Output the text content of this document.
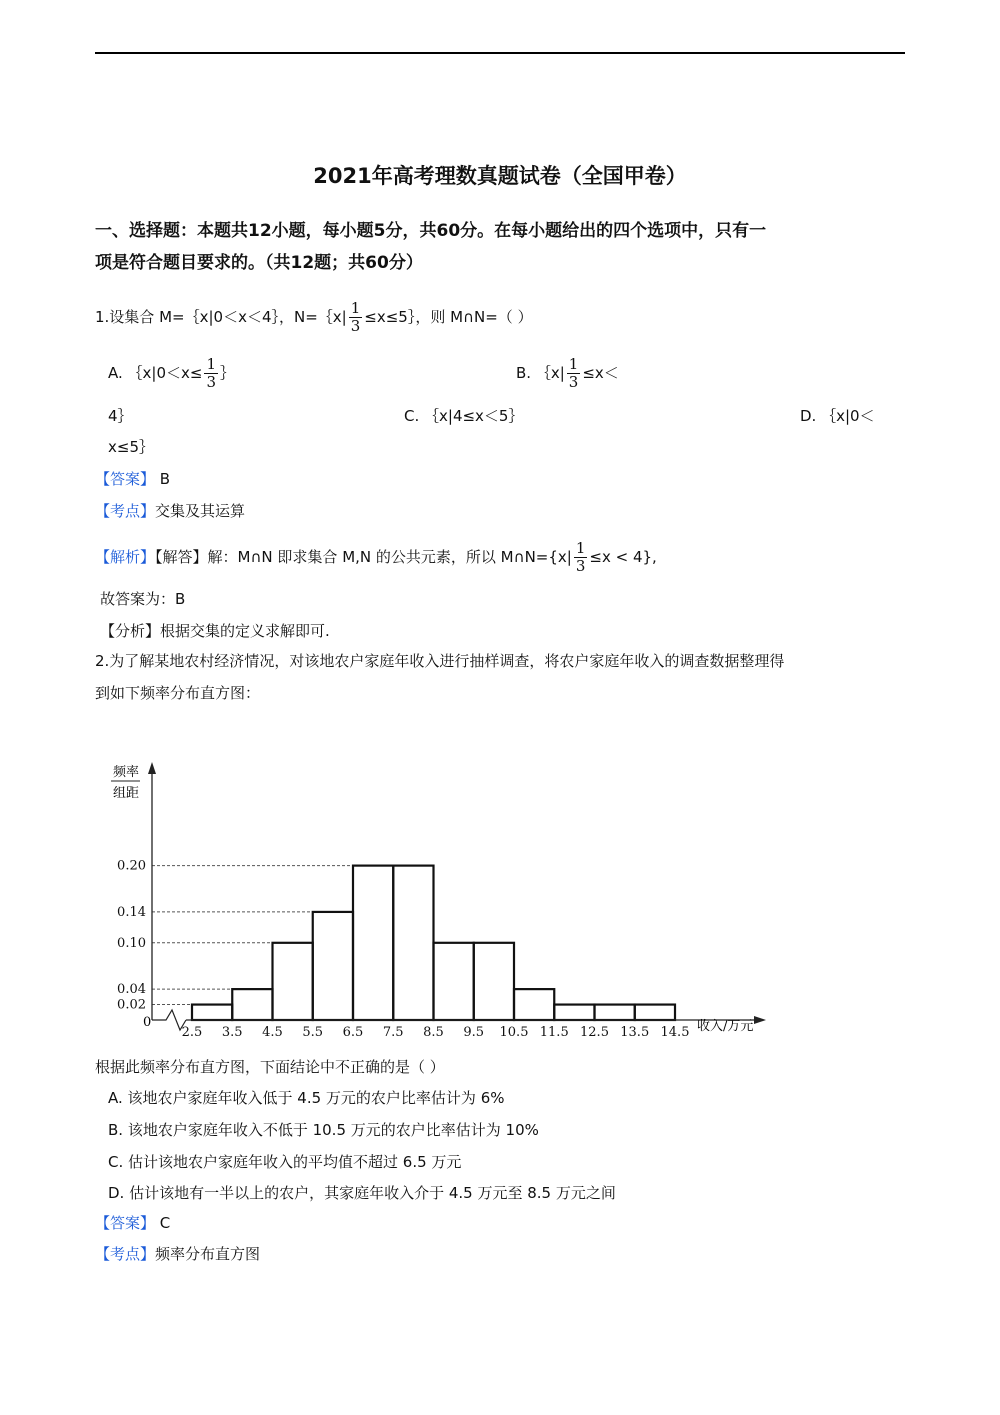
2021年高考理数真题试卷（全国甲卷）
一、选择题：本题共12小题，每小题5分，共60分。在每小题给出的四个选项中，只有一
项是符合题目要求的。（共12题；共60分）
1.设集合 M=｛x|0＜x＜4｝，N=｛x| $\frac{1}{3}$ ≤x≤5｝，则 M∩N=（ ）
A. ｛x|0＜x≤ $\frac{1}{3}$ ｝	B. ｛x| $\frac{1}{3} \le x<$
4｝	C. ｛x|4≤x＜5｝	D. ｛x|0＜
x≤5｝
【答案】 B
【考点】交集及其运算
【解析】【解答】解：M∩N 即求集合 M,N 的公共元素，所以 M∩N={x| $\frac{1}{3} \le x < 4$},
故答案为：B
【分析】根据交集的定义求解即可.
2.为了解某地农村经济情况，对该地农户家庭年收入进行抽样调查，将农户家庭年收入的调查数据整理得
到如下频率分布直方图：
0.02
0.04
0.10
0.14
0.20
2.5 3.5 4.5 5.5 6.5 7.5 8.5 9.5 10.5 11.5 12.5 13.5 14.5
频率
组距
0	收入/万元
根据此频率分布直方图，下面结论中不正确的是（ ）
A. 该地农户家庭年收入低于 4.5 万元的农户比率估计为 6%
B. 该地农户家庭年收入不低于 10.5 万元的农户比率估计为 10%
C. 估计该地农户家庭年收入的平均值不超过 6.5 万元
D. 估计该地有一半以上的农户，其家庭年收入介于 4.5 万元至 8.5 万元之间
【答案】 C
【考点】频率分布直方图
